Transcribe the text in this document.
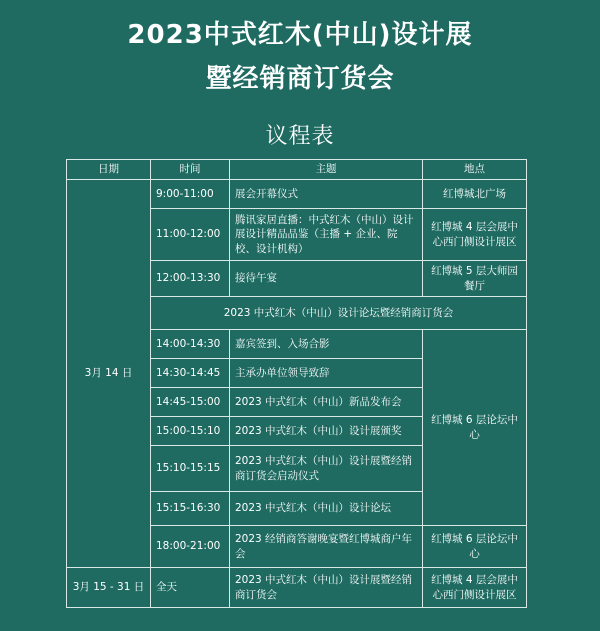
2023中式红木(中山)设计展
暨经销商订货会
议程表
日期	时间	主题	地点
3月 14 日	9:00-11:00	展会开幕仪式	红博城北广场
	11:00-12:00	腾讯家居直播：中式红木（中山）设计展设计精品品鉴（主播 + 企业、院校、设计机构）	红博城 4 层会展中心西门侧设计展区
	12:00-13:30	接待午宴	红博城 5 层大师园餐厅
	2023 中式红木（中山）设计论坛暨经销商订货会		
	14:00-14:30	嘉宾签到、入场合影	红博城 6 层论坛中心
	14:30-14:45	主承办单位领导致辞	
	14:45-15:00	2023 中式红木（中山）新品发布会	
	15:00-15:10	2023 中式红木（中山）设计展颁奖	
	15:10-15:15	2023 中式红木（中山）设计展暨经销商订货会启动仪式	
	15:15-16:30	2023 中式红木（中山）设计论坛	
	18:00-21:00	2023 经销商答谢晚宴暨红博城商户年会	红博城 6 层论坛中心
3月 15 - 31 日	全天	2023 中式红木（中山）设计展暨经销商订货会	红博城 4 层会展中心西门侧设计展区
